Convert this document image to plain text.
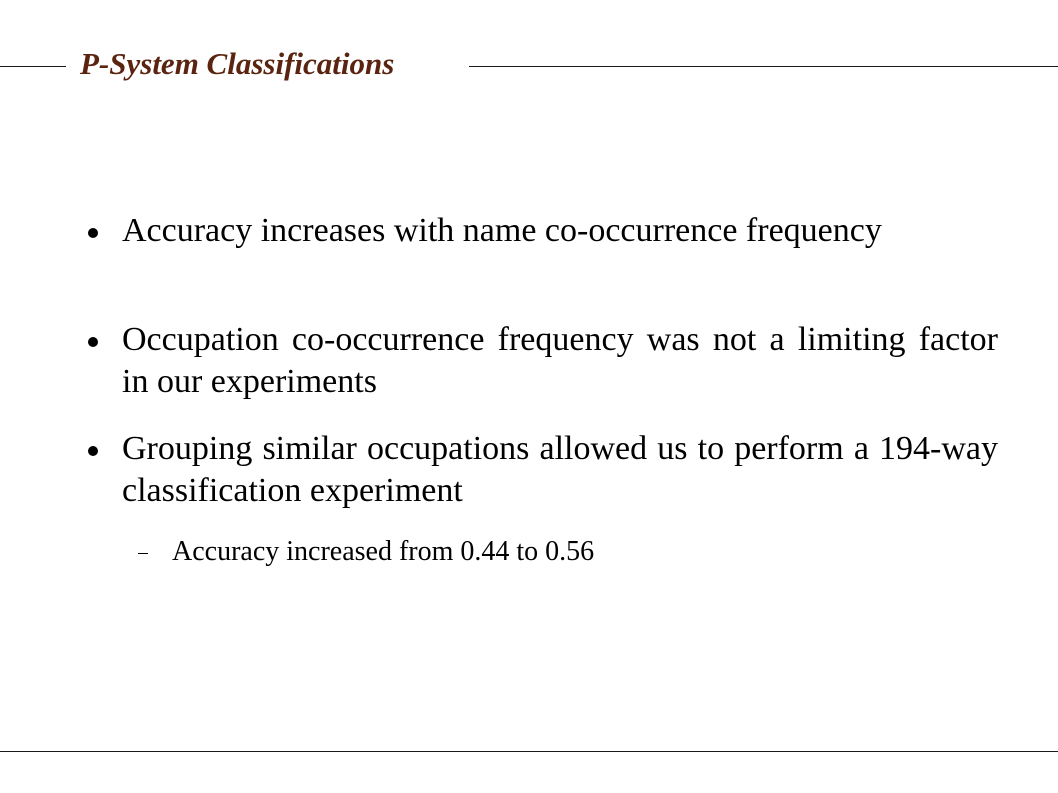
P-System Classifications
Accuracy increases with name co-occurrence frequency
Occupation co-occurrence frequency was not a limiting factor in our experiments
Grouping similar occupations allowed us to perform a 194-way classification experiment
Accuracy increased from 0.44 to 0.56
